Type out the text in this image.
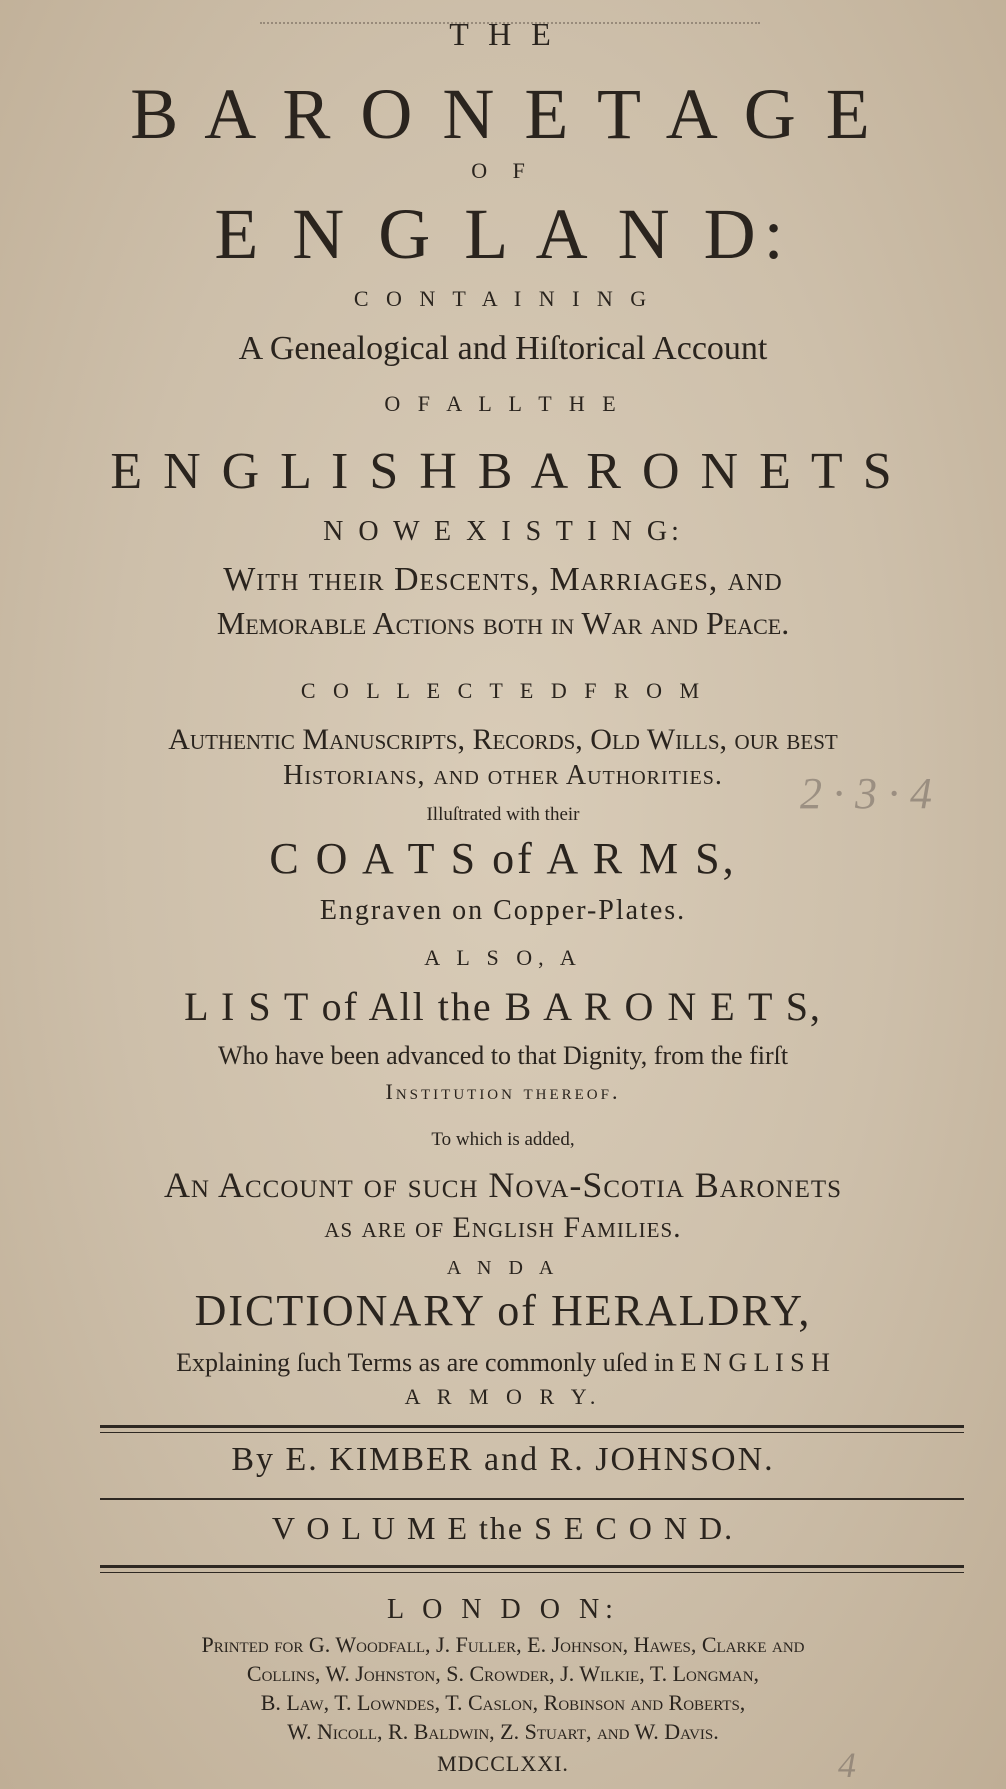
T H E
B A R O N E T A G E
O F
E N G L A N D:
C O N T A I N I N G
A Genealogical and Hiſtorical Account
O F A L L T H E
E N G L I S H B A R O N E T S
N O W E X I S T I N G:
With their Descents, Marriages, and
Memorable Actions both in War and Peace.
C O L L E C T E D F R O M
Authentic Manuscripts, Records, Old Wills, our beſt
Historians, and other Authorities.
Illuſtrated with their
C O A T S of A R M S,
Engraven on Copper-Plates.
A L S O, A
L I S T of All the B A R O N E T S,
Who have been advanced to that Dignity, from the firſt
Institution thereof.
To which is added,
An Account of ſuch Nova-Scotia Baronets
as are of English Families.
A N D A
DICTIONARY of HERALDRY,
Explaining ſuch Terms as are commonly uſed in E N G L I S H
A R M O R Y.
By E. KIMBER and R. JOHNSON.
V O L U M E the S E C O N D.
L O N D O N:
Printed for G. Woodfall, J. Fuller, E. Johnson, Hawes, Clarke and
Collins, W. Johnston, S. Crowder, J. Wilkie, T. Longman,
B. Law, T. Lowndes, T. Caslon, Robinson and Roberts,
W. Nicoll, R. Baldwin, Z. Stuart, and W. Davis.
MDCCLXXI.
2 · 3 · 4
4
